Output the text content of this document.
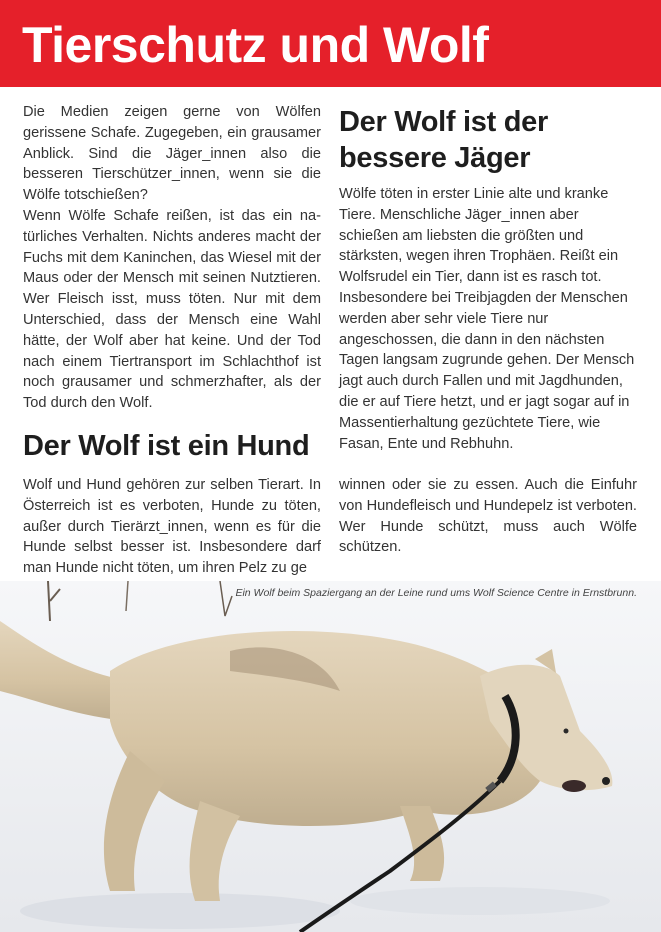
Tierschutz und Wolf

Die Medien zeigen gerne von Wölfen gerissene Schafe. Zugegeben, ein grausamer Anblick. Sind die Jäger_innen also die besseren Tierschützer_innen, wenn sie die Wölfe totschießen?

Wenn Wölfe Schafe reißen, ist das ein natürliches Verhalten. Nichts anderes macht der Fuchs mit dem Kaninchen, das Wiesel mit der Maus oder der Mensch mit seinen Nutztieren. Wer Fleisch isst, muss töten. Nur mit dem Unterschied, dass der Mensch eine Wahl hätte, der Wolf aber hat keine. Und der Tod nach einem Tiertransport im Schlachthof ist noch grausamer und schmerzhafter, als der Tod durch den Wolf.

Der Wolf ist der bessere Jäger

Wölfe töten in erster Linie alte und kranke Tiere. Menschliche Jäger_innen aber schießen am liebsten die größten und stärksten, wegen ihren Trophäen. Reißt ein Wolfsrudel ein Tier, dann ist es rasch tot. Insbesondere bei Treibjagden der Menschen werden aber sehr viele Tiere nur angeschossen, die dann in den nächsten Tagen langsam zugrunde gehen. Der Mensch jagt auch durch Fallen und mit Jagdhunden, die er auf Tiere hetzt, und er jagt sogar auf in Massentierhaltung gezüchtete Tiere, wie Fasan, Ente und Rebhuhn.

Der Wolf ist ein Hund

Wolf und Hund gehören zur selben Tierart. In Österreich ist es verboten, Hunde zu töten, außer durch Tierärzt_innen, wenn es für die Hunde selbst besser ist. Insbesondere darf man Hunde nicht töten, um ihren Pelz zu ge

winnen oder sie zu essen. Auch die Einfuhr von Hundefleisch und Hundepelz ist verboten. Wer Hunde schützt, muss auch Wölfe schützen.

Ein Wolf beim Spaziergang an der Leine rund ums Wolf Science Centre in Ernstbrunn.
